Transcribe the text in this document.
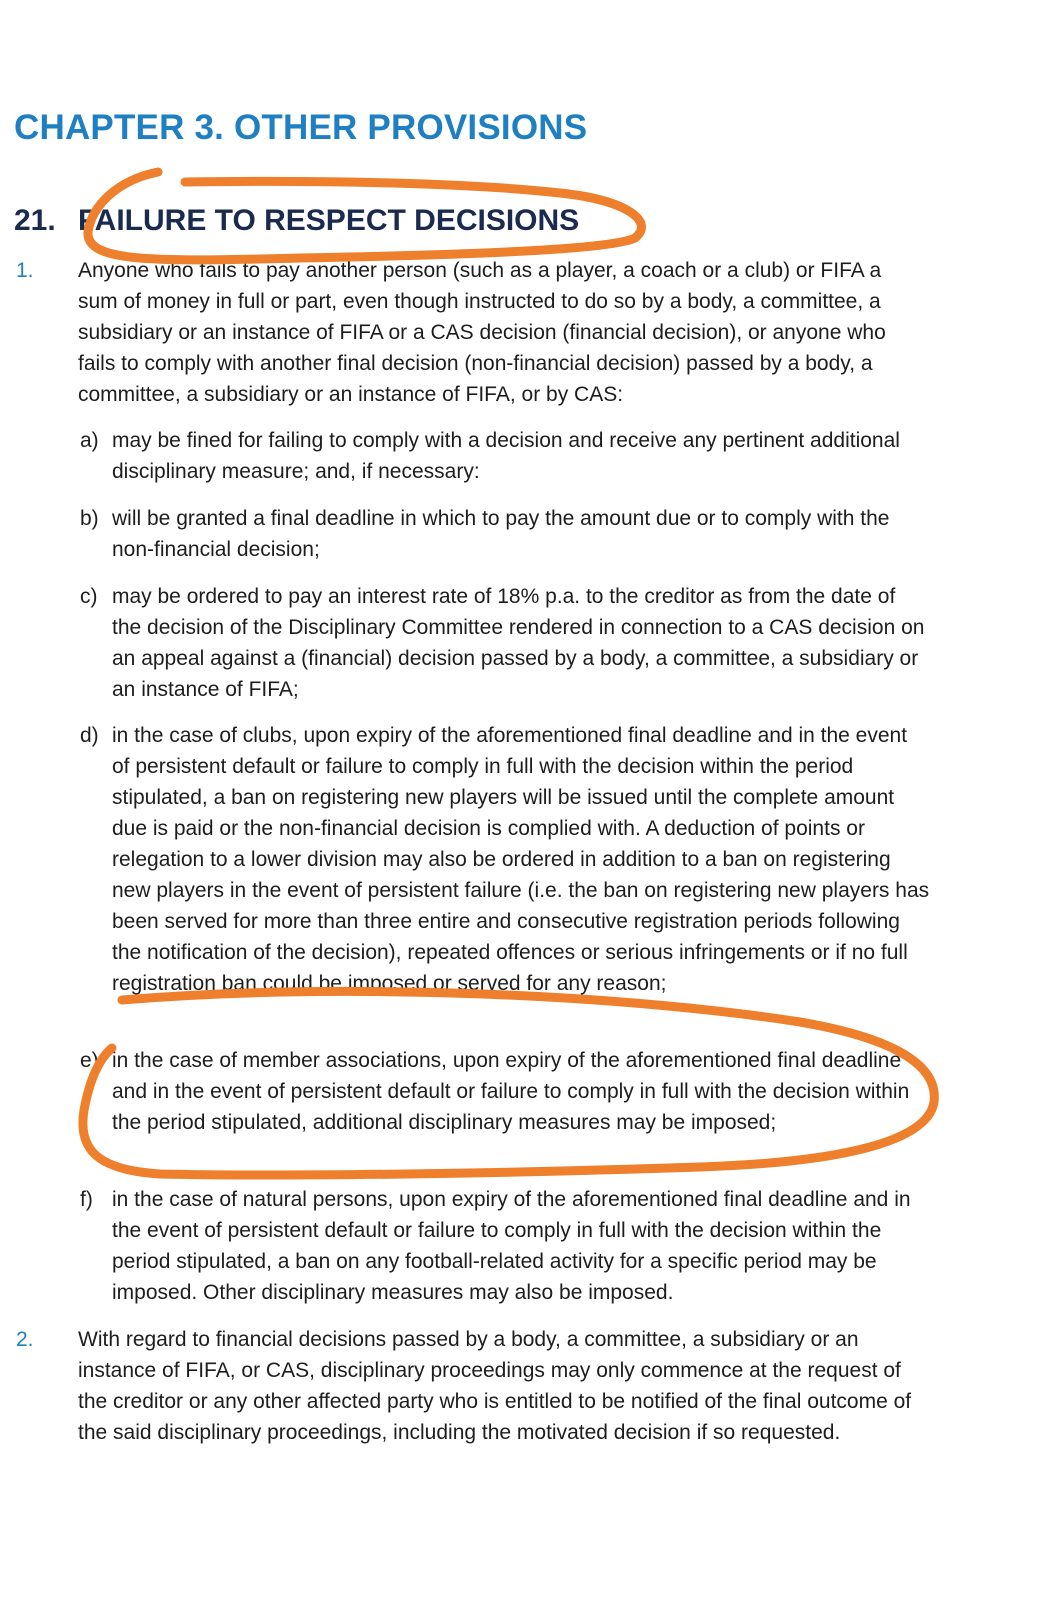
CHAPTER 3. OTHER PROVISIONS
21. FAILURE TO RESPECT DECISIONS
1. Anyone who fails to pay another person (such as a player, a coach or a club) or FIFA a sum of money in full or part, even though instructed to do so by a body, a committee, a subsidiary or an instance of FIFA or a CAS decision (financial decision), or anyone who fails to comply with another final decision (non-financial decision) passed by a body, a committee, a subsidiary or an instance of FIFA, or by CAS:
a) may be fined for failing to comply with a decision and receive any pertinent additional disciplinary measure; and, if necessary:
b) will be granted a final deadline in which to pay the amount due or to comply with the non-financial decision;
c) may be ordered to pay an interest rate of 18% p.a. to the creditor as from the date of the decision of the Disciplinary Committee rendered in connection to a CAS decision on an appeal against a (financial) decision passed by a body, a committee, a subsidiary or an instance of FIFA;
d) in the case of clubs, upon expiry of the aforementioned final deadline and in the event of persistent default or failure to comply in full with the decision within the period stipulated, a ban on registering new players will be issued until the complete amount due is paid or the non-financial decision is complied with. A deduction of points or relegation to a lower division may also be ordered in addition to a ban on registering new players in the event of persistent failure (i.e. the ban on registering new players has been served for more than three entire and consecutive registration periods following the notification of the decision), repeated offences or serious infringements or if no full registration ban could be imposed or served for any reason;
e) in the case of member associations, upon expiry of the aforementioned final deadline and in the event of persistent default or failure to comply in full with the decision within the period stipulated, additional disciplinary measures may be imposed;
f) in the case of natural persons, upon expiry of the aforementioned final deadline and in the event of persistent default or failure to comply in full with the decision within the period stipulated, a ban on any football-related activity for a specific period may be imposed. Other disciplinary measures may also be imposed.
2. With regard to financial decisions passed by a body, a committee, a subsidiary or an instance of FIFA, or CAS, disciplinary proceedings may only commence at the request of the creditor or any other affected party who is entitled to be notified of the final outcome of the said disciplinary proceedings, including the motivated decision if so requested.
